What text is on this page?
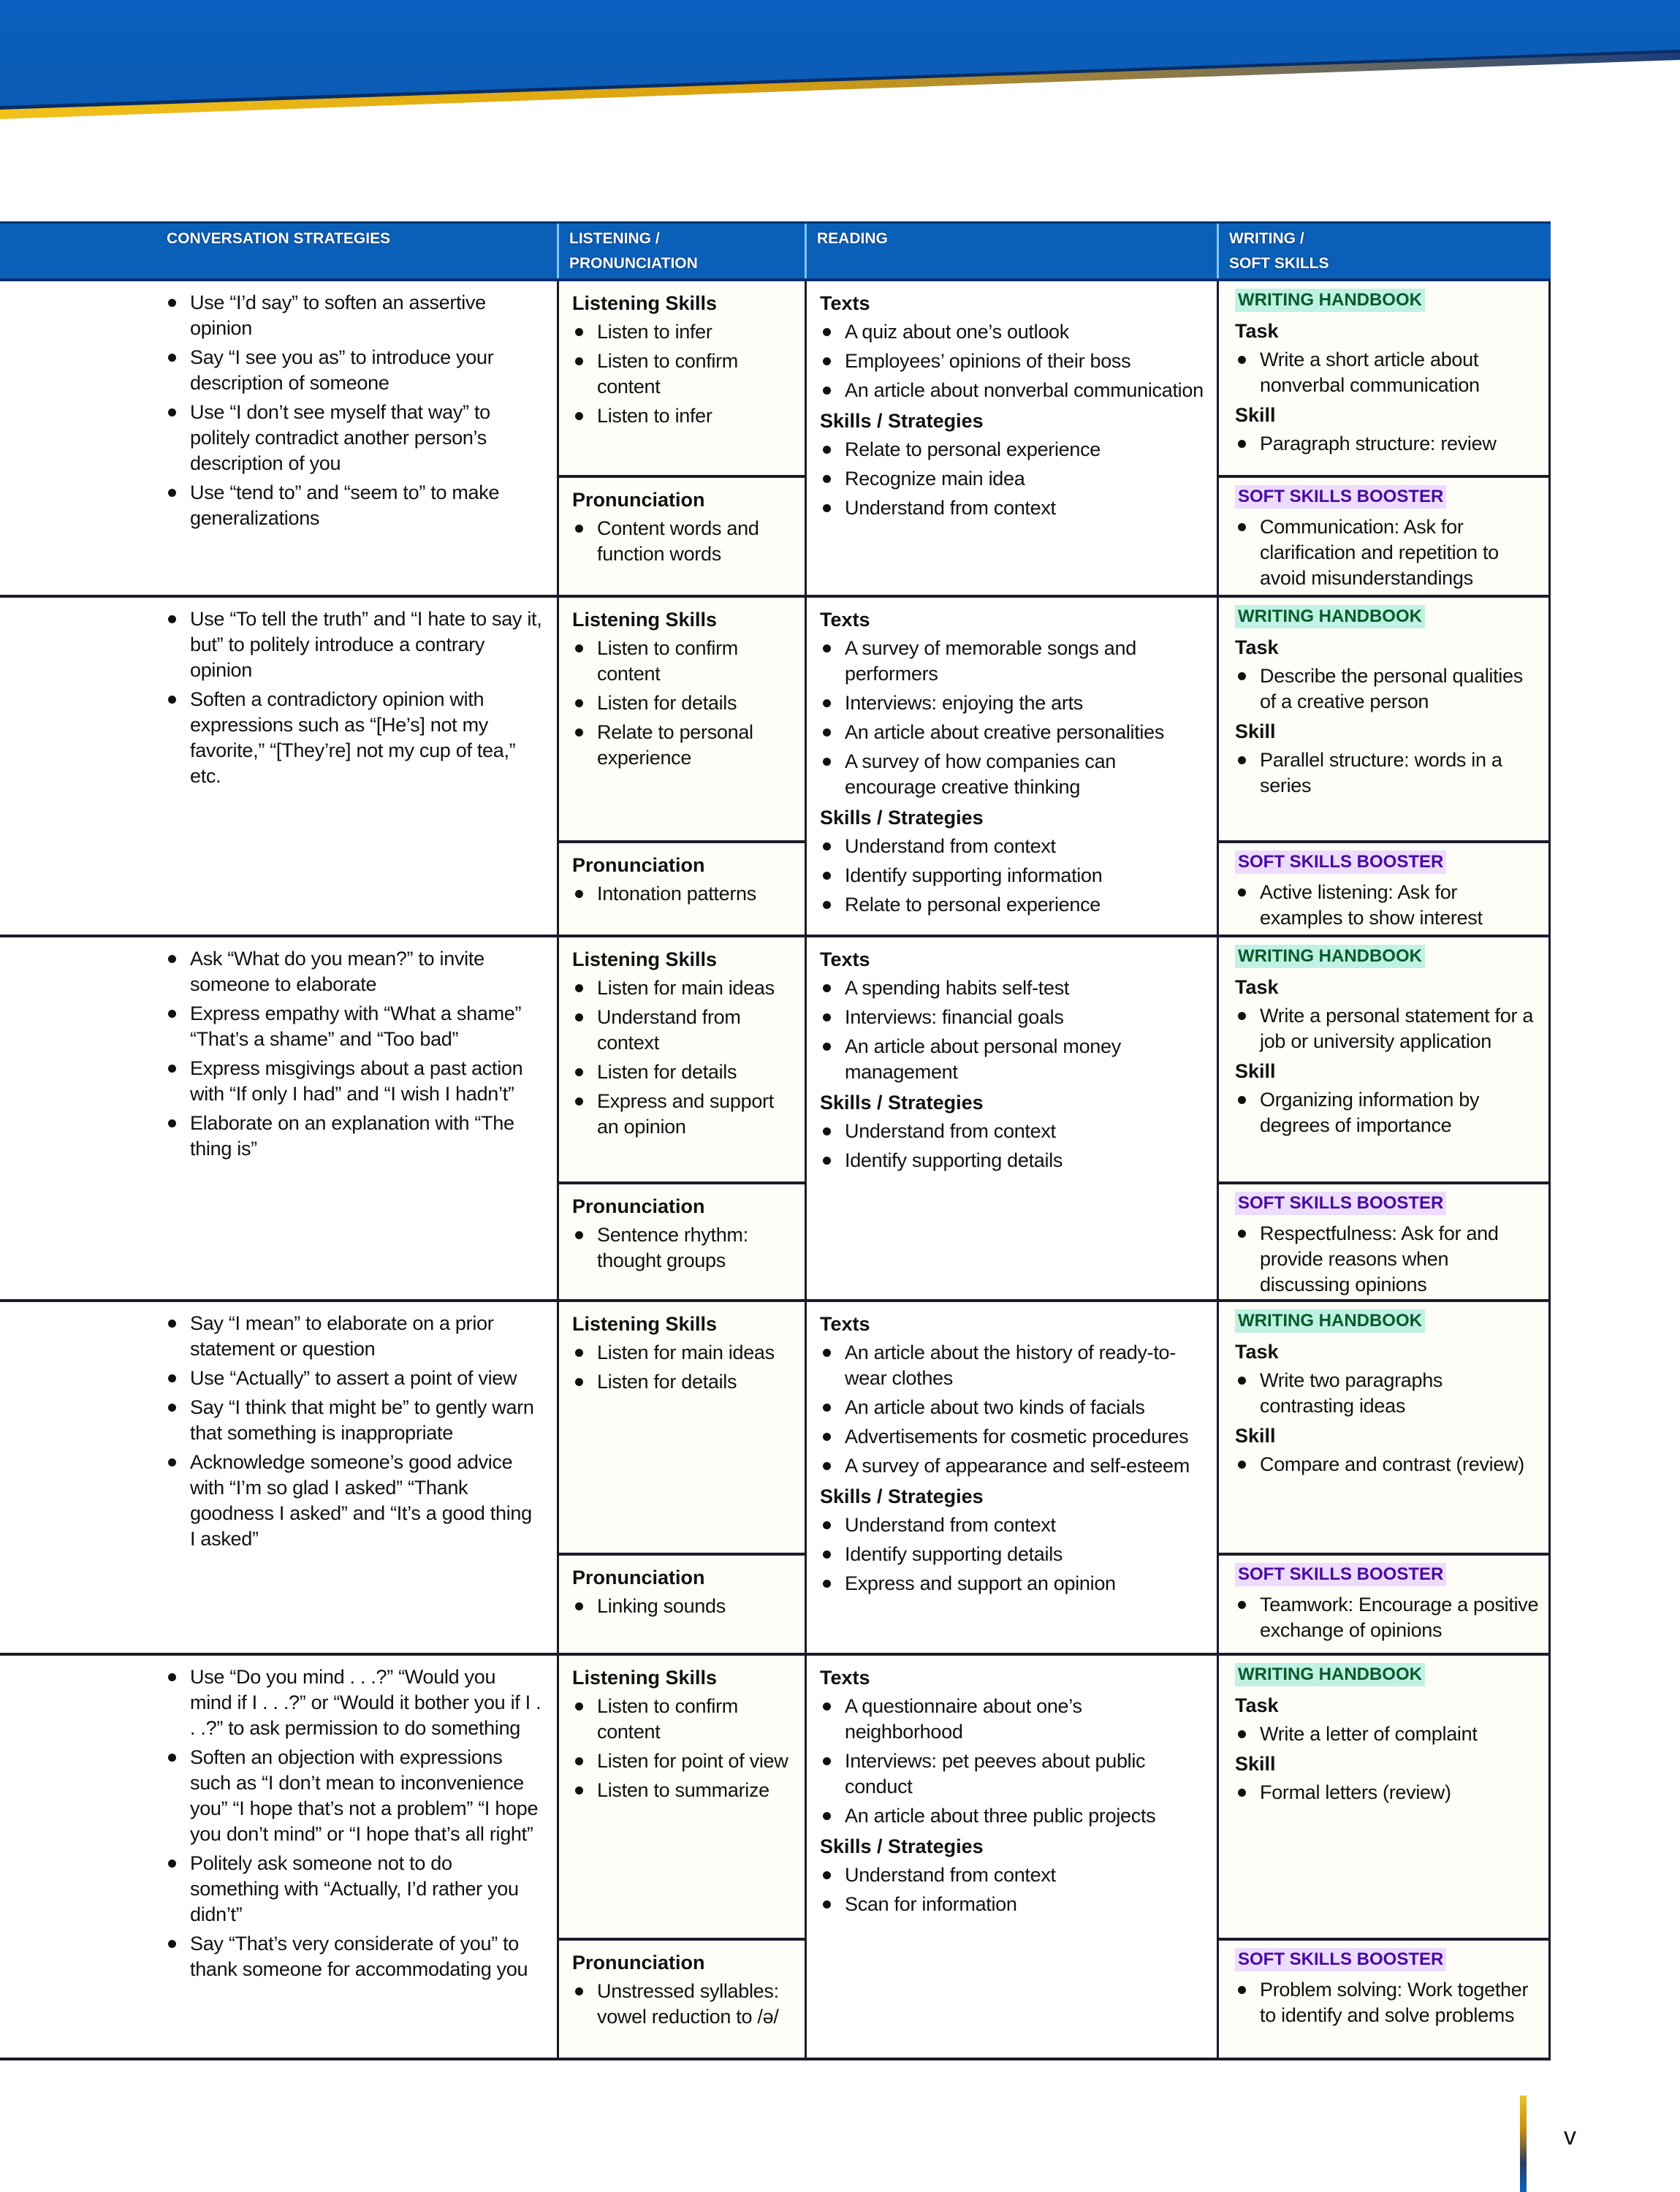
CONVERSATION STRATEGIES	LISTENING /
PRONUNCIATION
READING	WRITING /
SOFT SKILLS
Use “I’d say” to soften an assertive opinion
Say “I see you as” to introduce your description of someone
Use “I don’t see myself that way” to politely contradict another person’s description of you
Use “tend to” and “seem to” to make generalizations
Listening Skills
Listen to infer
Listen to confirm content
Listen to infer
Pronunciation
Content words and function words
Texts
A quiz about one’s outlook
Employees’ opinions of their boss
An article about nonverbal communication
Skills / Strategies
Relate to personal experience
Recognize main idea
Understand from context
WRITING HANDBOOK
Task
Write a short article about nonverbal communication
Skill
Paragraph structure: review
SOFT SKILLS BOOSTER
Communication: Ask for clarification and repetition to avoid misunderstandings
Use “To tell the truth” and “I hate to say it, but” to politely introduce a contrary opinion
Soften a contradictory opinion with expressions such as “[He’s] not my favorite,” “[They’re] not my cup of tea,” etc.
Listening Skills
Listen to confirm content
Listen for details
Relate to personal experience
Pronunciation
Intonation patterns
Texts
A survey of memorable songs and performers
Interviews: enjoying the arts
An article about creative personalities
A survey of how companies can encourage creative thinking
Skills / Strategies
Understand from context
Identify supporting information
Relate to personal experience
WRITING HANDBOOK
Task
Describe the personal qualities of a creative person
Skill
Parallel structure: words in a series
SOFT SKILLS BOOSTER
Active listening: Ask for examples to show interest
Ask “What do you mean?” to invite someone to elaborate
Express empathy with “What a shame” “That’s a shame” and “Too bad”
Express misgivings about a past action with “If only I had” and “I wish I hadn’t”
Elaborate on an explanation with “The thing is”
Listening Skills
Listen for main ideas
Understand from context
Listen for details
Express and support an opinion
Pronunciation
Sentence rhythm: thought groups
Texts
A spending habits self-test
Interviews: financial goals
An article about personal money management
Skills / Strategies
Understand from context
Identify supporting details
WRITING HANDBOOK
Task
Write a personal statement for a job or university application
Skill
Organizing information by degrees of importance
SOFT SKILLS BOOSTER
Respectfulness: Ask for and provide reasons when discussing opinions
Say “I mean” to elaborate on a prior statement or question
Use “Actually” to assert a point of view
Say “I think that might be” to gently warn that something is inappropriate
Acknowledge someone’s good advice with “I’m so glad I asked” “Thank goodness I asked” and “It’s a good thing I asked”
Listening Skills
Listen for main ideas
Listen for details
Pronunciation
Linking sounds
Texts
An article about the history of ready-to-wear clothes
An article about two kinds of facials
Advertisements for cosmetic procedures
A survey of appearance and self-esteem
Skills / Strategies
Understand from context
Identify supporting details
Express and support an opinion
WRITING HANDBOOK
Task
Write two paragraphs contrasting ideas
Skill
Compare and contrast (review)
SOFT SKILLS BOOSTER
Teamwork: Encourage a positive exchange of opinions
Use “Do you mind . . .?” “Would you mind if I . . .?” or “Would it bother you if I . . .?” to ask permission to do something
Soften an objection with expressions such as “I don’t mean to inconvenience you” “I hope that’s not a problem” “I hope you don’t mind” or “I hope that’s all right”
Politely ask someone not to do something with “Actually, I’d rather you didn’t”
Say “That’s very considerate of you” to thank someone for accommodating you
Listening Skills
Listen to confirm content
Listen for point of view
Listen to summarize
Pronunciation
Unstressed syllables: vowel reduction to /ə/
Texts
A questionnaire about one’s neighborhood
Interviews: pet peeves about public conduct
An article about three public projects
Skills / Strategies
Understand from context
Scan for information
WRITING HANDBOOK
Task
Write a letter of complaint
Skill
Formal letters (review)
SOFT SKILLS BOOSTER
Problem solving: Work together to identify and solve problems
v
